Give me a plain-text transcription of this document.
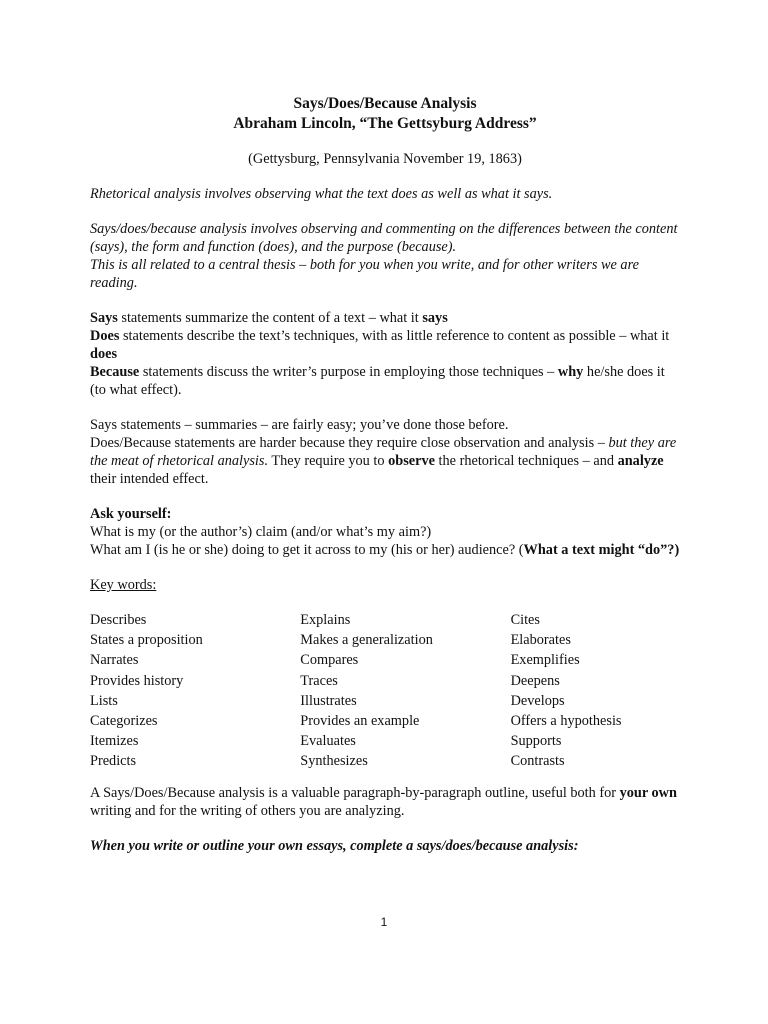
Says/Does/Because Analysis
Abraham Lincoln, “The Gettsyburg Address”
(Gettysburg, Pennsylvania November 19, 1863)

Rhetorical analysis involves observing what the text does as well as what it says.

Says/does/because analysis involves observing and commenting on the differences between the content (says), the form and function (does), and the purpose (because).

This is all related to a central thesis – both for you when you write, and for other writers we are reading.

Says statements summarize the content of a text – what it says

Does statements describe the text’s techniques, with as little reference to content as possible – what it does

Because statements discuss the writer’s purpose in employing those techniques – why he/she does it (to what effect).

Says statements – summaries – are fairly easy; you’ve done those before.

Does/Because statements are harder because they require close observation and analysis – but they are the meat of rhetorical analysis. They require you to observe the rhetorical techniques – and analyze their intended effect.

Ask yourself:

What is my (or the author’s) claim (and/or what’s my aim?)

What am I (is he or she) doing to get it across to my (his or her) audience? (What a text might “do”?)

Key words:

Describes
States a proposition
Narrates
Provides history
Lists
Categorizes
Itemizes
Predicts
Explains
Makes a generalization
Compares
Traces
Illustrates
Provides an example
Evaluates
Synthesizes
Cites
Elaborates
Exemplifies
Deepens
Develops
Offers a hypothesis
Supports
Contrasts

A Says/Does/Because analysis is a valuable paragraph-by-paragraph outline, useful both for your own writing and for the writing of others you are analyzing.

When you write or outline your own essays, complete a says/does/because analysis:

1
